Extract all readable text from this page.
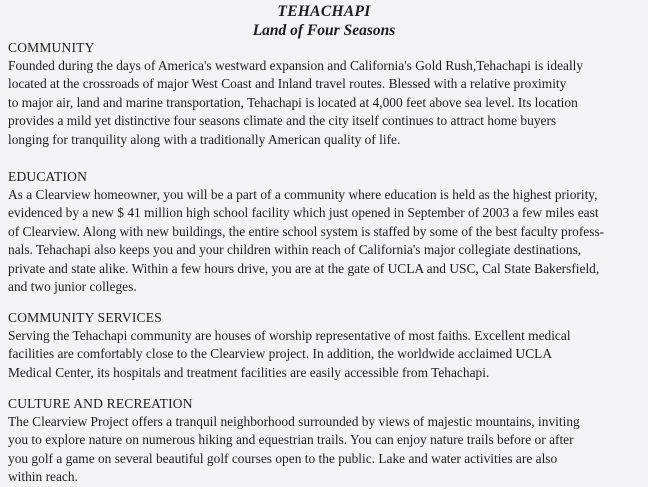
TEHACHAPI
Land of Four Seasons
COMMUNITY
Founded during the days of America's westward expansion and California's Gold Rush,Tehachapi is ideally
located at the crossroads of major West Coast and Inland travel routes. Blessed with a relative proximity
to major air, land and marine transportation, Tehachapi is located at 4,000 feet above sea level. Its location
provides a mild yet distinctive four seasons climate and the city itself continues to attract home buyers
longing for tranquility along with a traditionally American quality of life.
EDUCATION
As a Clearview homeowner, you will be a part of a community where education is held as the highest priority,
evidenced by a new $ 41 million high school facility which just opened in September of 2003 a few miles east
of Clearview. Along with new buildings, the entire school system is staffed by some of the best faculty profess-
nals. Tehachapi also keeps you and your children within reach of California's major collegiate destinations,
private and state alike. Within a few hours drive, you are at the gate of UCLA and USC, Cal State Bakersfield,
and two junior colleges.
COMMUNITY SERVICES
Serving the Tehachapi community are houses of worship representative of most faiths. Excellent medical
facilities are comfortably close to the Clearview project. In addition, the worldwide acclaimed UCLA
Medical Center, its hospitals and treatment facilities are easily accessible from Tehachapi.
CULTURE AND RECREATION
The Clearview Project offers a tranquil neighborhood surrounded by views of majestic mountains, inviting
you to explore nature on numerous hiking and equestrian trails. You can enjoy nature trails before or after
you golf a game on several beautiful golf courses open to the public. Lake and water activities are also
within reach.
